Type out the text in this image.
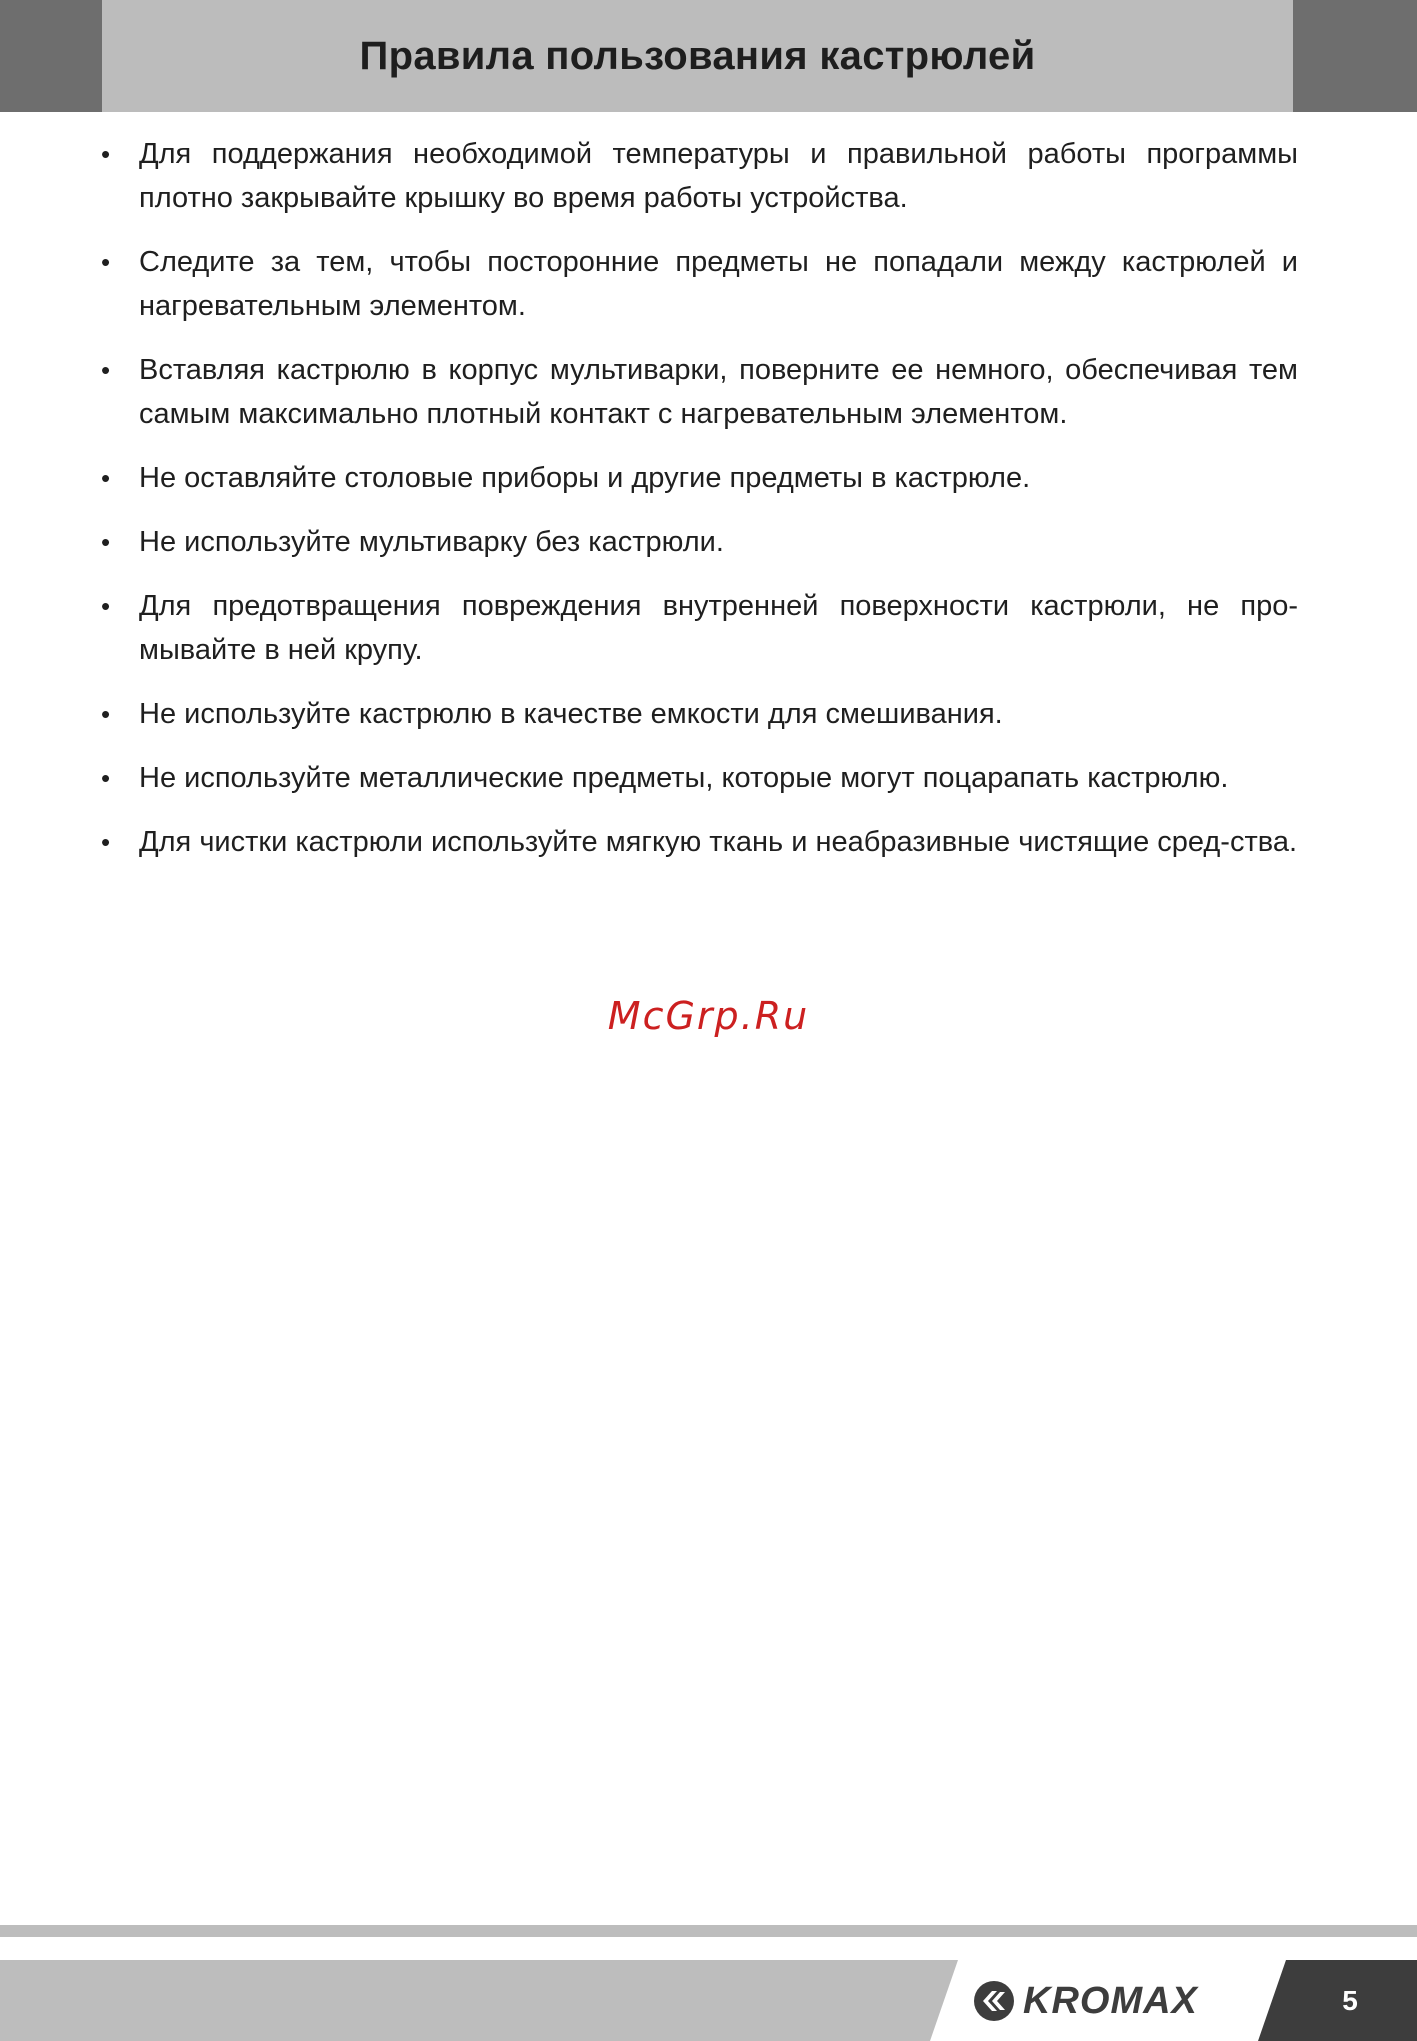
Правила пользования кастрюлей
• Для поддержания необходимой температуры и правильной работы программы плотно закрывайте крышку во время работы устройства.
• Следите за тем, чтобы посторонние предметы не попадали между кастрюлей и нагревательным элементом.
• Вставляя кастрюлю в корпус мультиварки, поверните ее немного, обеспечивая тем самым максимально плотный контакт с нагревательным элементом.
• Не оставляйте столовые приборы и другие предметы в кастрюле.
• Не используйте мультиварку без кастрюли.
• Для предотвращения повреждения внутренней поверхности кастрюли, не про-мывайте в ней крупу.
• Не используйте кастрюлю в качестве емкости для смешивания.
• Не используйте металлические предметы, которые могут поцарапать кастрюлю.
• Для чистки кастрюли используйте мягкую ткань и неабразивные чистящие сред-ства.
McGrp.Ru
KROMAX	5
